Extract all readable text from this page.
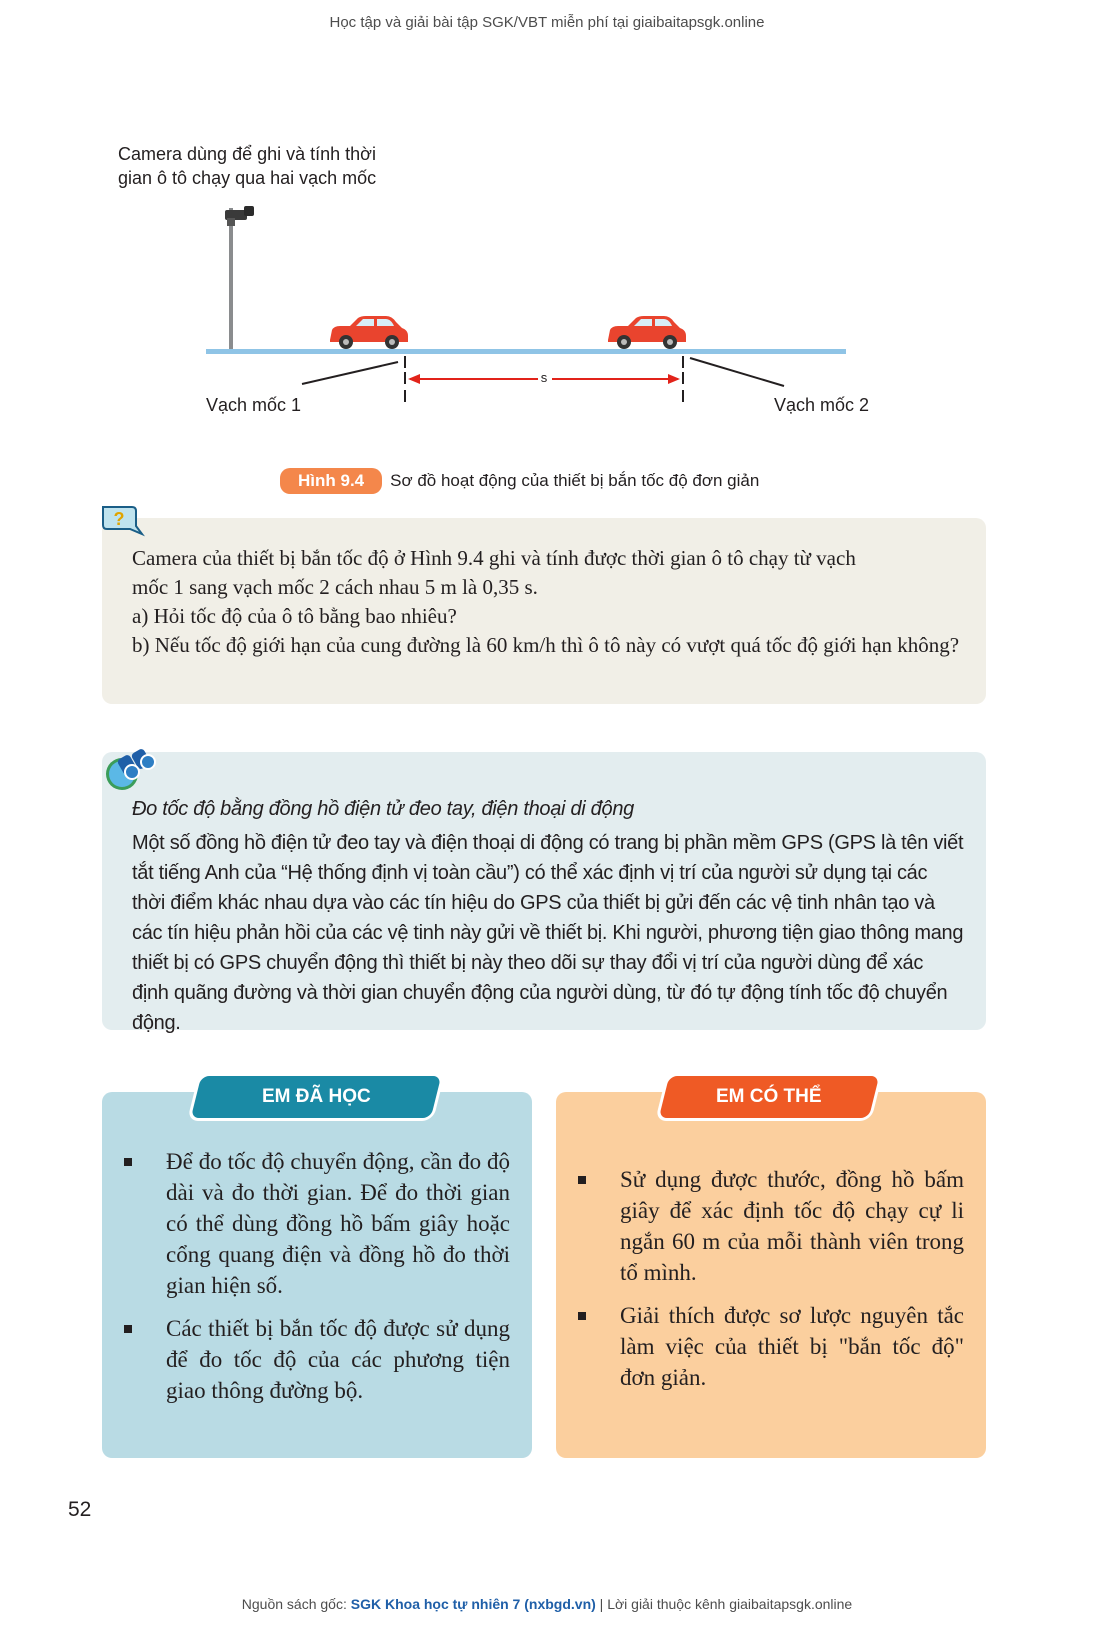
Học tập và giải bài tập SGK/VBT miễn phí tại giaibaitapsgk.online
Camera dùng để ghi và tính thời
gian ô tô chạy qua hai vạch mốc
s
Vạch mốc 1	Vạch mốc 2
Hình 9.4	Sơ đồ hoạt động của thiết bị bắn tốc độ đơn giản
?

Camera của thiết bị bắn tốc độ ở Hình 9.4 ghi và tính được thời gian ô tô chạy từ vạch

mốc 1 sang vạch mốc 2 cách nhau 5 m là 0,35 s.

a) Hỏi tốc độ của ô tô bằng bao nhiêu?

b) Nếu tốc độ giới hạn của cung đường là 60 km/h thì ô tô này có vượt quá tốc độ giới hạn không?

Đo tốc độ bằng đồng hồ điện tử đeo tay, điện thoại di động
Một số đồng hồ điện tử đeo tay và điện thoại di động có trang bị phần mềm GPS (GPS là tên viết tắt tiếng Anh của “Hệ thống định vị toàn cầu”) có thể xác định vị trí của người sử dụng tại các thời điểm khác nhau dựa vào các tín hiệu do GPS của thiết bị gửi đến các vệ tinh nhân tạo và các tín hiệu phản hồi của các vệ tinh này gửi về thiết bị. Khi người, phương tiện giao thông mang thiết bị có GPS chuyển động thì thiết bị này theo dõi sự thay đổi vị trí của người dùng để xác định quãng đường và thời gian chuyển động của người dùng, từ đó tự động tính tốc độ chuyển động.
EM ĐÃ HỌC
Để đo tốc độ chuyển động, cần đo độ dài và đo thời gian. Để đo thời gian có thể dùng đồng hồ bấm giây hoặc cổng quang điện và đồng hồ đo thời gian hiện số.
Các thiết bị bắn tốc độ được sử dụng để đo tốc độ của các phương tiện giao thông đường bộ.
EM CÓ THỂ
Sử dụng được thước, đồng hồ bấm giây để xác định tốc độ chạy cự li ngắn 60 m của mỗi thành viên trong tổ mình.
Giải thích được sơ lược nguyên tắc làm việc của thiết bị "bắn tốc độ" đơn giản.
52
Nguồn sách gốc: SGK Khoa học tự nhiên 7 (nxbgd.vn) | Lời giải thuộc kênh giaibaitapsgk.online
